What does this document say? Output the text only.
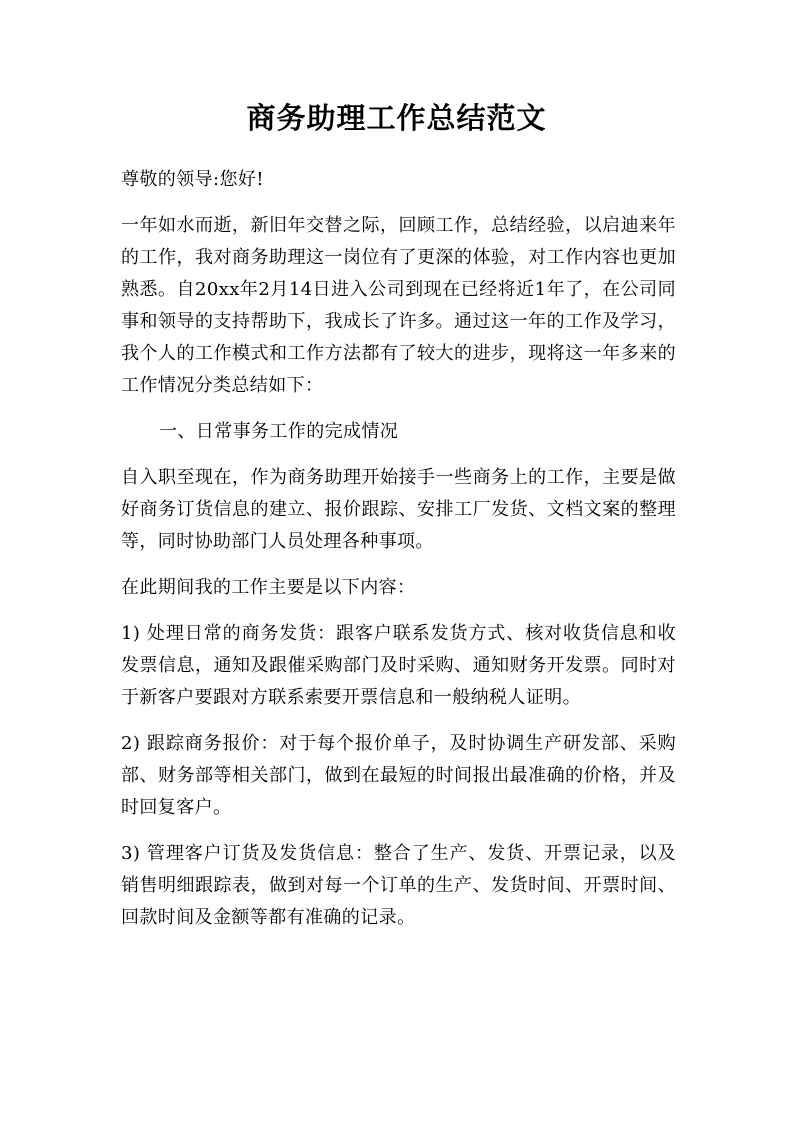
商务助理工作总结范文

尊敬的领导:您好!

一年如水而逝，新旧年交替之际，回顾工作，总结经验，以启迪来年的工作，我对商务助理这一岗位有了更深的体验，对工作内容也更加熟悉。自20xx年2月14日进入公司到现在已经将近1年了，在公司同事和领导的支持帮助下，我成长了许多。通过这一年的工作及学习，我个人的工作模式和工作方法都有了较大的进步，现将这一年多来的工作情况分类总结如下：

一、日常事务工作的完成情况

自入职至现在，作为商务助理开始接手一些商务上的工作，主要是做好商务订货信息的建立、报价跟踪、安排工厂发货、文档文案的整理等，同时协助部门人员处理各种事项。

在此期间我的工作主要是以下内容：

1) 处理日常的商务发货：跟客户联系发货方式、核对收货信息和收发票信息，通知及跟催采购部门及时采购、通知财务开发票。同时对于新客户要跟对方联系索要开票信息和一般纳税人证明。

2) 跟踪商务报价：对于每个报价单子，及时协调生产研发部、采购部、财务部等相关部门，做到在最短的时间报出最准确的价格，并及时回复客户。

3) 管理客户订货及发货信息：整合了生产、发货、开票记录，以及销售明细跟踪表，做到对每一个订单的生产、发货时间、开票时间、回款时间及金额等都有准确的记录。
